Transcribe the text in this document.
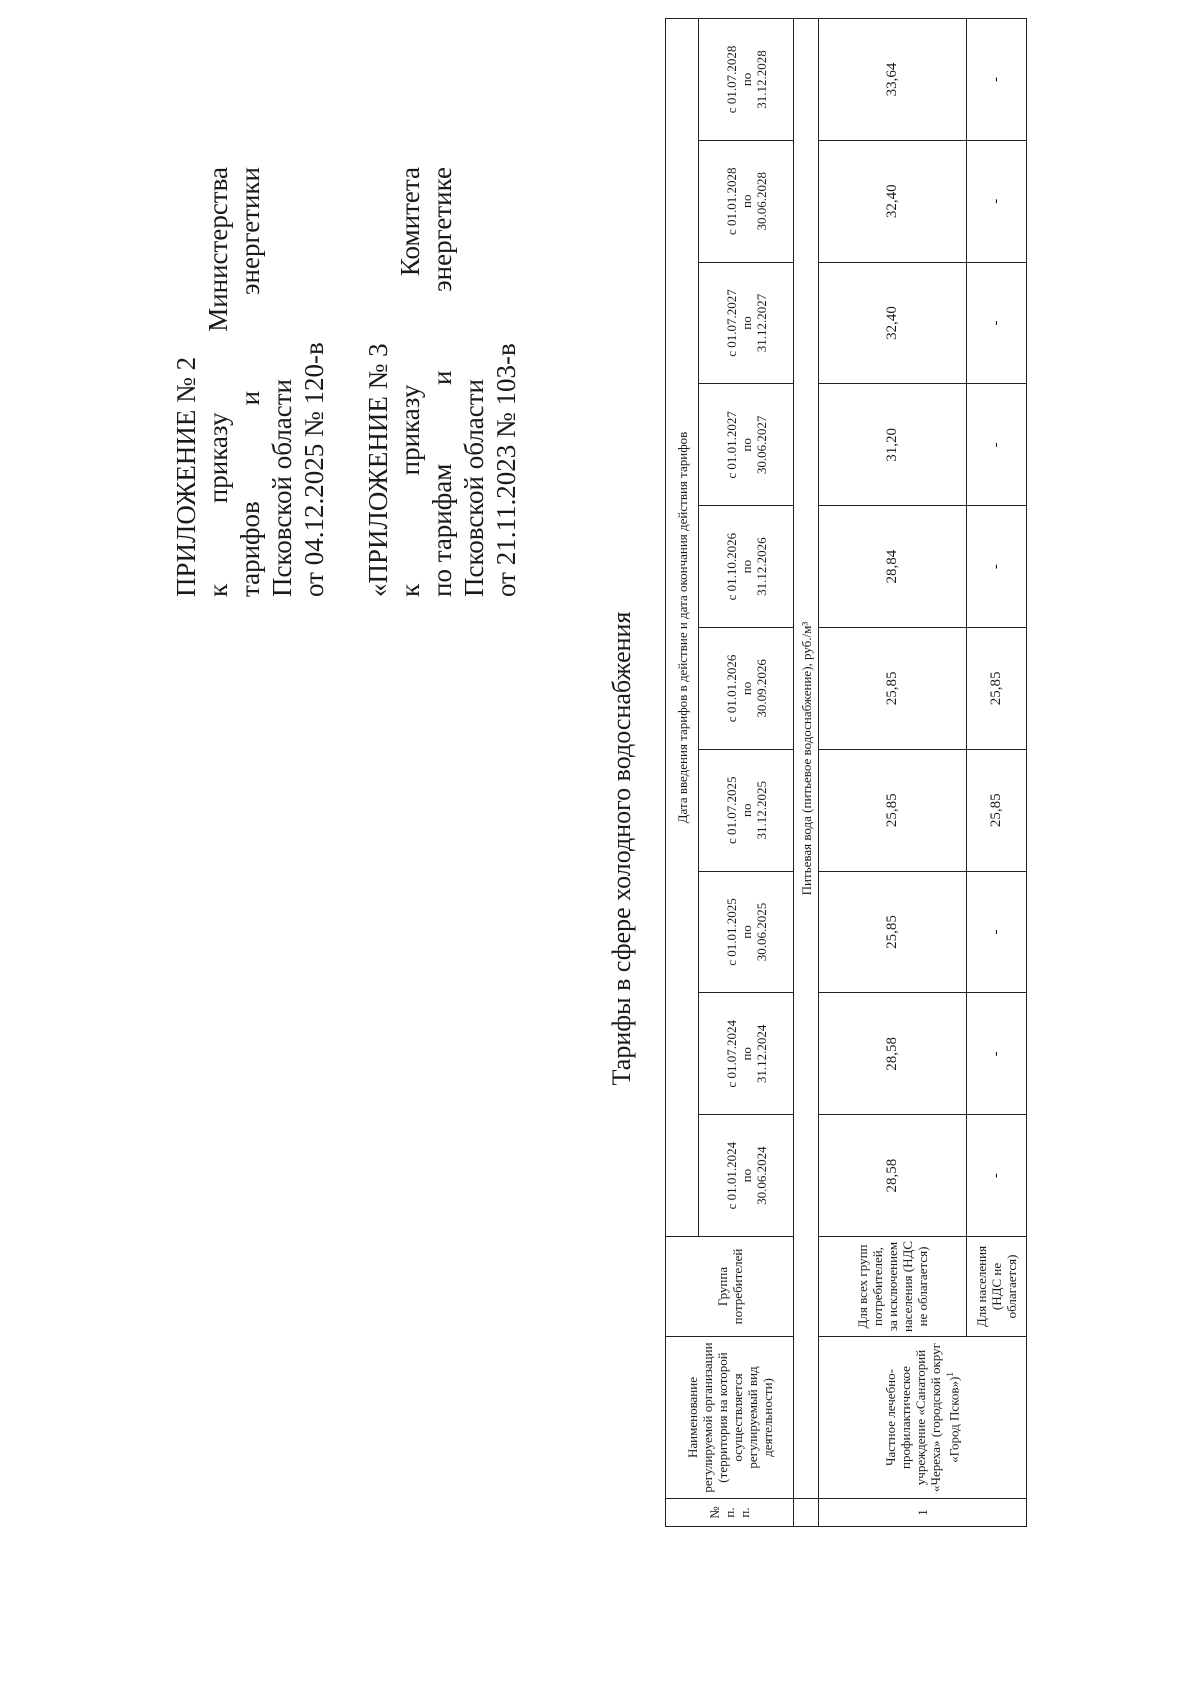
ПРИЛОЖЕНИЕ № 2 к
приказу
Министерства
тарифов
и
энергетики
Псковской области от 04.12.2025 № 120-в «ПРИЛОЖЕНИЕ № 3 к
приказу
Комитета
по тарифам
и
энергетике
Псковской области от 21.11.2023 № 103-в
Тарифы в сфере холодного водоснабжения
№ п. п.	Наименование регулируемой организации (территория на которой осуществляется регулируемый вид деятельности)	Группа потребителей	Дата введения тарифов в действие и дата окончания действия тарифов									
			с 01.01.2024
по
30.06.2024	с 01.07.2024
по
31.12.2024	с 01.01.2025
по
30.06.2025	с 01.07.2025
по
31.12.2025	с 01.01.2026
по
30.09.2026	с 01.10.2026
по
31.12.2026	с 01.01.2027
по
30.06.2027	с 01.07.2027
по
31.12.2027	с 01.01.2028
по
30.06.2028	с 01.07.2028
по
31.12.2028
	Питьевая вода (питьевое водоснабжение), руб./м³											
1	Частное лечебно-профилактическое учреждение «Санаторий «Череха» (городской округ «Город Псков»)$^1$	Для всех групп потребителей, за исключением населения (НДС не облагается)	28,58	28,58	25,85	25,85	25,85	28,84	31,20	32,40	32,40	33,64
		Для населения (НДС не облагается)	-	-	-	25,85	25,85	-	-	-	-	-
